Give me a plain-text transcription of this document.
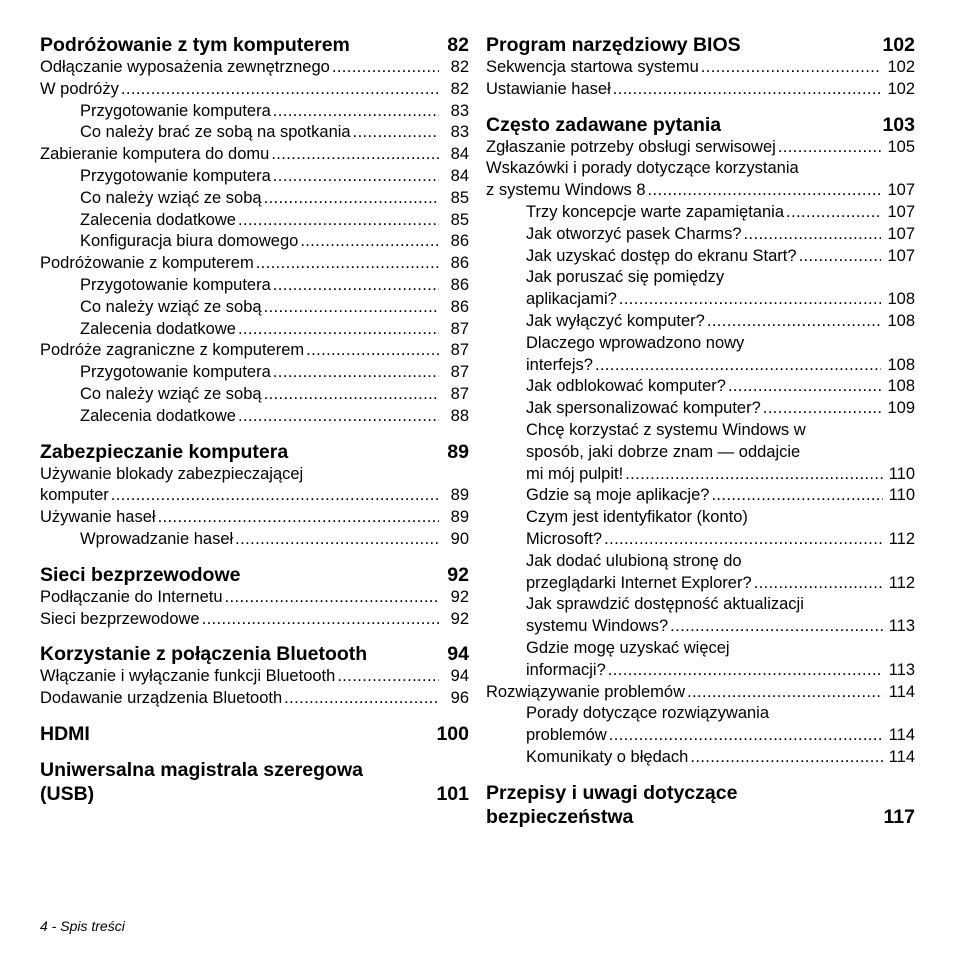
Podróżowanie z tym komputerem	82
Odłączanie wyposażenia zewnętrznego .....	82
W podróży .....	82
Przygotowanie komputera .....	83
Co należy brać ze sobą na spotkania .....	83
Zabieranie komputera do domu .....	84
Przygotowanie komputera .....	84
Co należy wziąć ze sobą .....	85
Zalecenia dodatkowe .....	85
Konfiguracja biura domowego .....	86
Podróżowanie z komputerem .....	86
Przygotowanie komputera .....	86
Co należy wziąć ze sobą .....	86
Zalecenia dodatkowe .....	87
Podróże zagraniczne z komputerem .....	87
Przygotowanie komputera .....	87
Co należy wziąć ze sobą .....	87
Zalecenia dodatkowe .....	88
Zabezpieczanie komputera	89
Używanie blokady zabezpieczającej
komputer .....	89
Używanie haseł .....	89
Wprowadzanie haseł .....	90
Sieci bezprzewodowe	92
Podłączanie do Internetu .....	92
Sieci bezprzewodowe .....	92
Korzystanie z połączenia Bluetooth	94
Włączanie i wyłączanie funkcji Bluetooth .....	94
Dodawanie urządzenia Bluetooth .....	96
HDMI	100
Uniwersalna magistrala szeregowa
(USB)	101
Program narzędziowy BIOS	102
Sekwencja startowa systemu .....	102
Ustawianie haseł .....	102
Często zadawane pytania	103
Zgłaszanie potrzeby obsługi serwisowej .....	105
Wskazówki i porady dotyczące korzystania
z systemu Windows 8 .....	107
Trzy koncepcje warte zapamiętania .....	107
Jak otworzyć pasek Charms? .....	107
Jak uzyskać dostęp do ekranu Start? .....	107
Jak poruszać się pomiędzy
aplikacjami? .....	108
Jak wyłączyć komputer? .....	108
Dlaczego wprowadzono nowy
interfejs? .....	108
Jak odblokować komputer? .....	108
Jak spersonalizować komputer? .....	109
Chcę korzystać z systemu Windows w
sposób, jaki dobrze znam — oddajcie
mi mój pulpit! .....	110
Gdzie są moje aplikacje? .....	110
Czym jest identyfikator (konto)
Microsoft? .....	112
Jak dodać ulubioną stronę do
przeglądarki Internet Explorer? .....	112
Jak sprawdzić dostępność aktualizacji
systemu Windows? .....	113
Gdzie mogę uzyskać więcej
informacji? .....	113
Rozwiązywanie problemów .....	114
Porady dotyczące rozwiązywania
problemów .....	114
Komunikaty o błędach .....	114
Przepisy i uwagi dotyczące
bezpieczeństwa	117
4 - Spis treści
